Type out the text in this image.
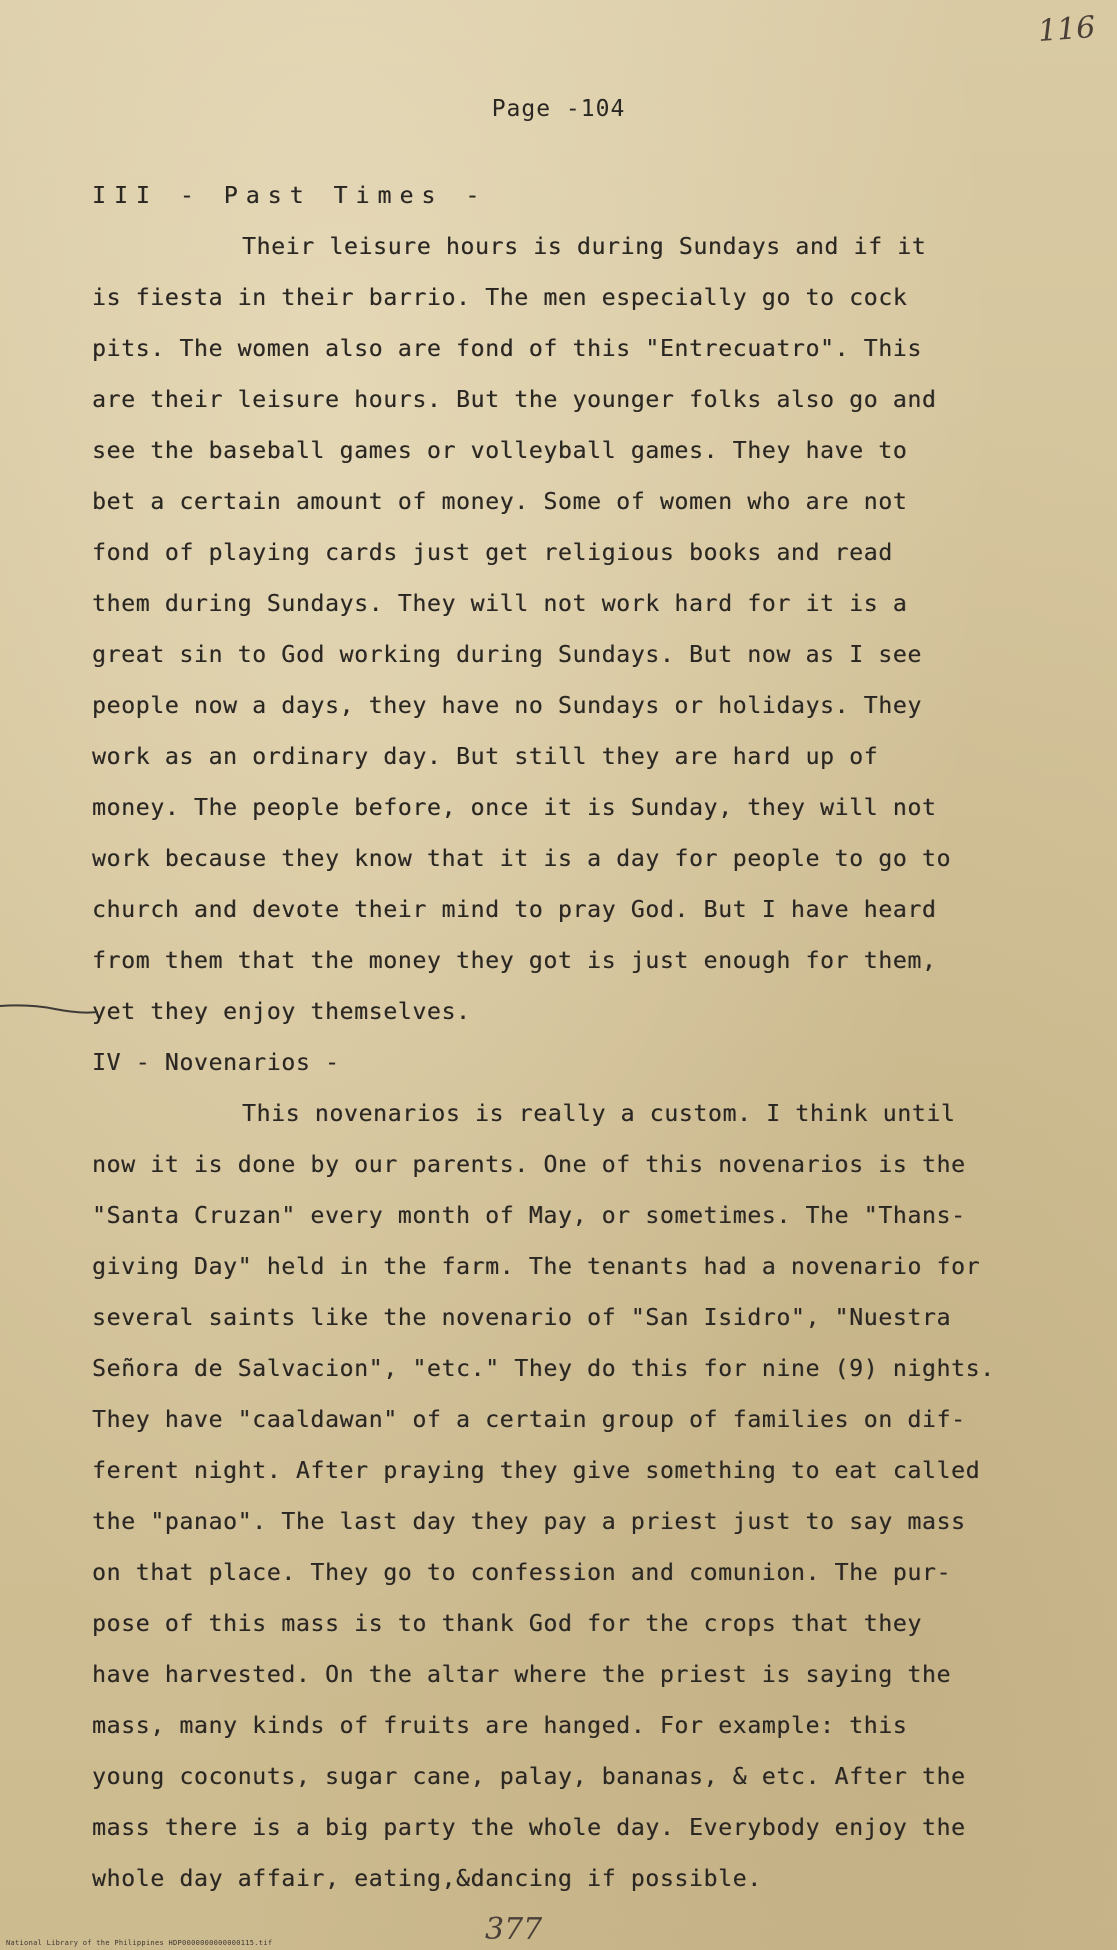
116
Page -104
III - Past Times -
Their leisure hours is during Sundays and if it
is fiesta in their barrio. The men especially go to cock
pits. The women also are fond of this "Entrecuatro". This
are their leisure hours. But the younger folks also go and
see the baseball games or volleyball games. They have to
bet a certain amount of money. Some of women who are not
fond of playing cards just get religious books and read
them during Sundays. They will not work hard for it is a
great sin to God working during Sundays. But now as I see
people now a days, they have no Sundays or holidays. They
work as an ordinary day. But still they are hard up of
money. The people before, once it is Sunday, they will not
work because they know that it is a day for people to go to
church and devote their mind to pray God. But I have heard
from them that the money they got is just enough for them,
yet they enjoy themselves.
IV - Novenarios -
This novenarios is really a custom. I think until
now it is done by our parents. One of this novenarios is the
"Santa Cruzan" every month of May, or sometimes. The "Thans-
giving Day" held in the farm. The tenants had a novenario for
several saints like the novenario of "San Isidro", "Nuestra
Señora de Salvacion", "etc." They do this for nine (9) nights.
They have "caaldawan" of a certain group of families on dif-
ferent night. After praying they give something to eat called
the "panao". The last day they pay a priest just to say mass
on that place. They go to confession and comunion. The pur-
pose of this mass is to thank God for the crops that they
have harvested. On the altar where the priest is saying the
mass, many kinds of fruits are hanged. For example: this
young coconuts, sugar cane, palay, bananas, & etc. After the
mass there is a big party the whole day. Everybody enjoy the
whole day affair, eating,&dancing if possible.
377
National Library of the Philippines HDP0000000000000115.tif
